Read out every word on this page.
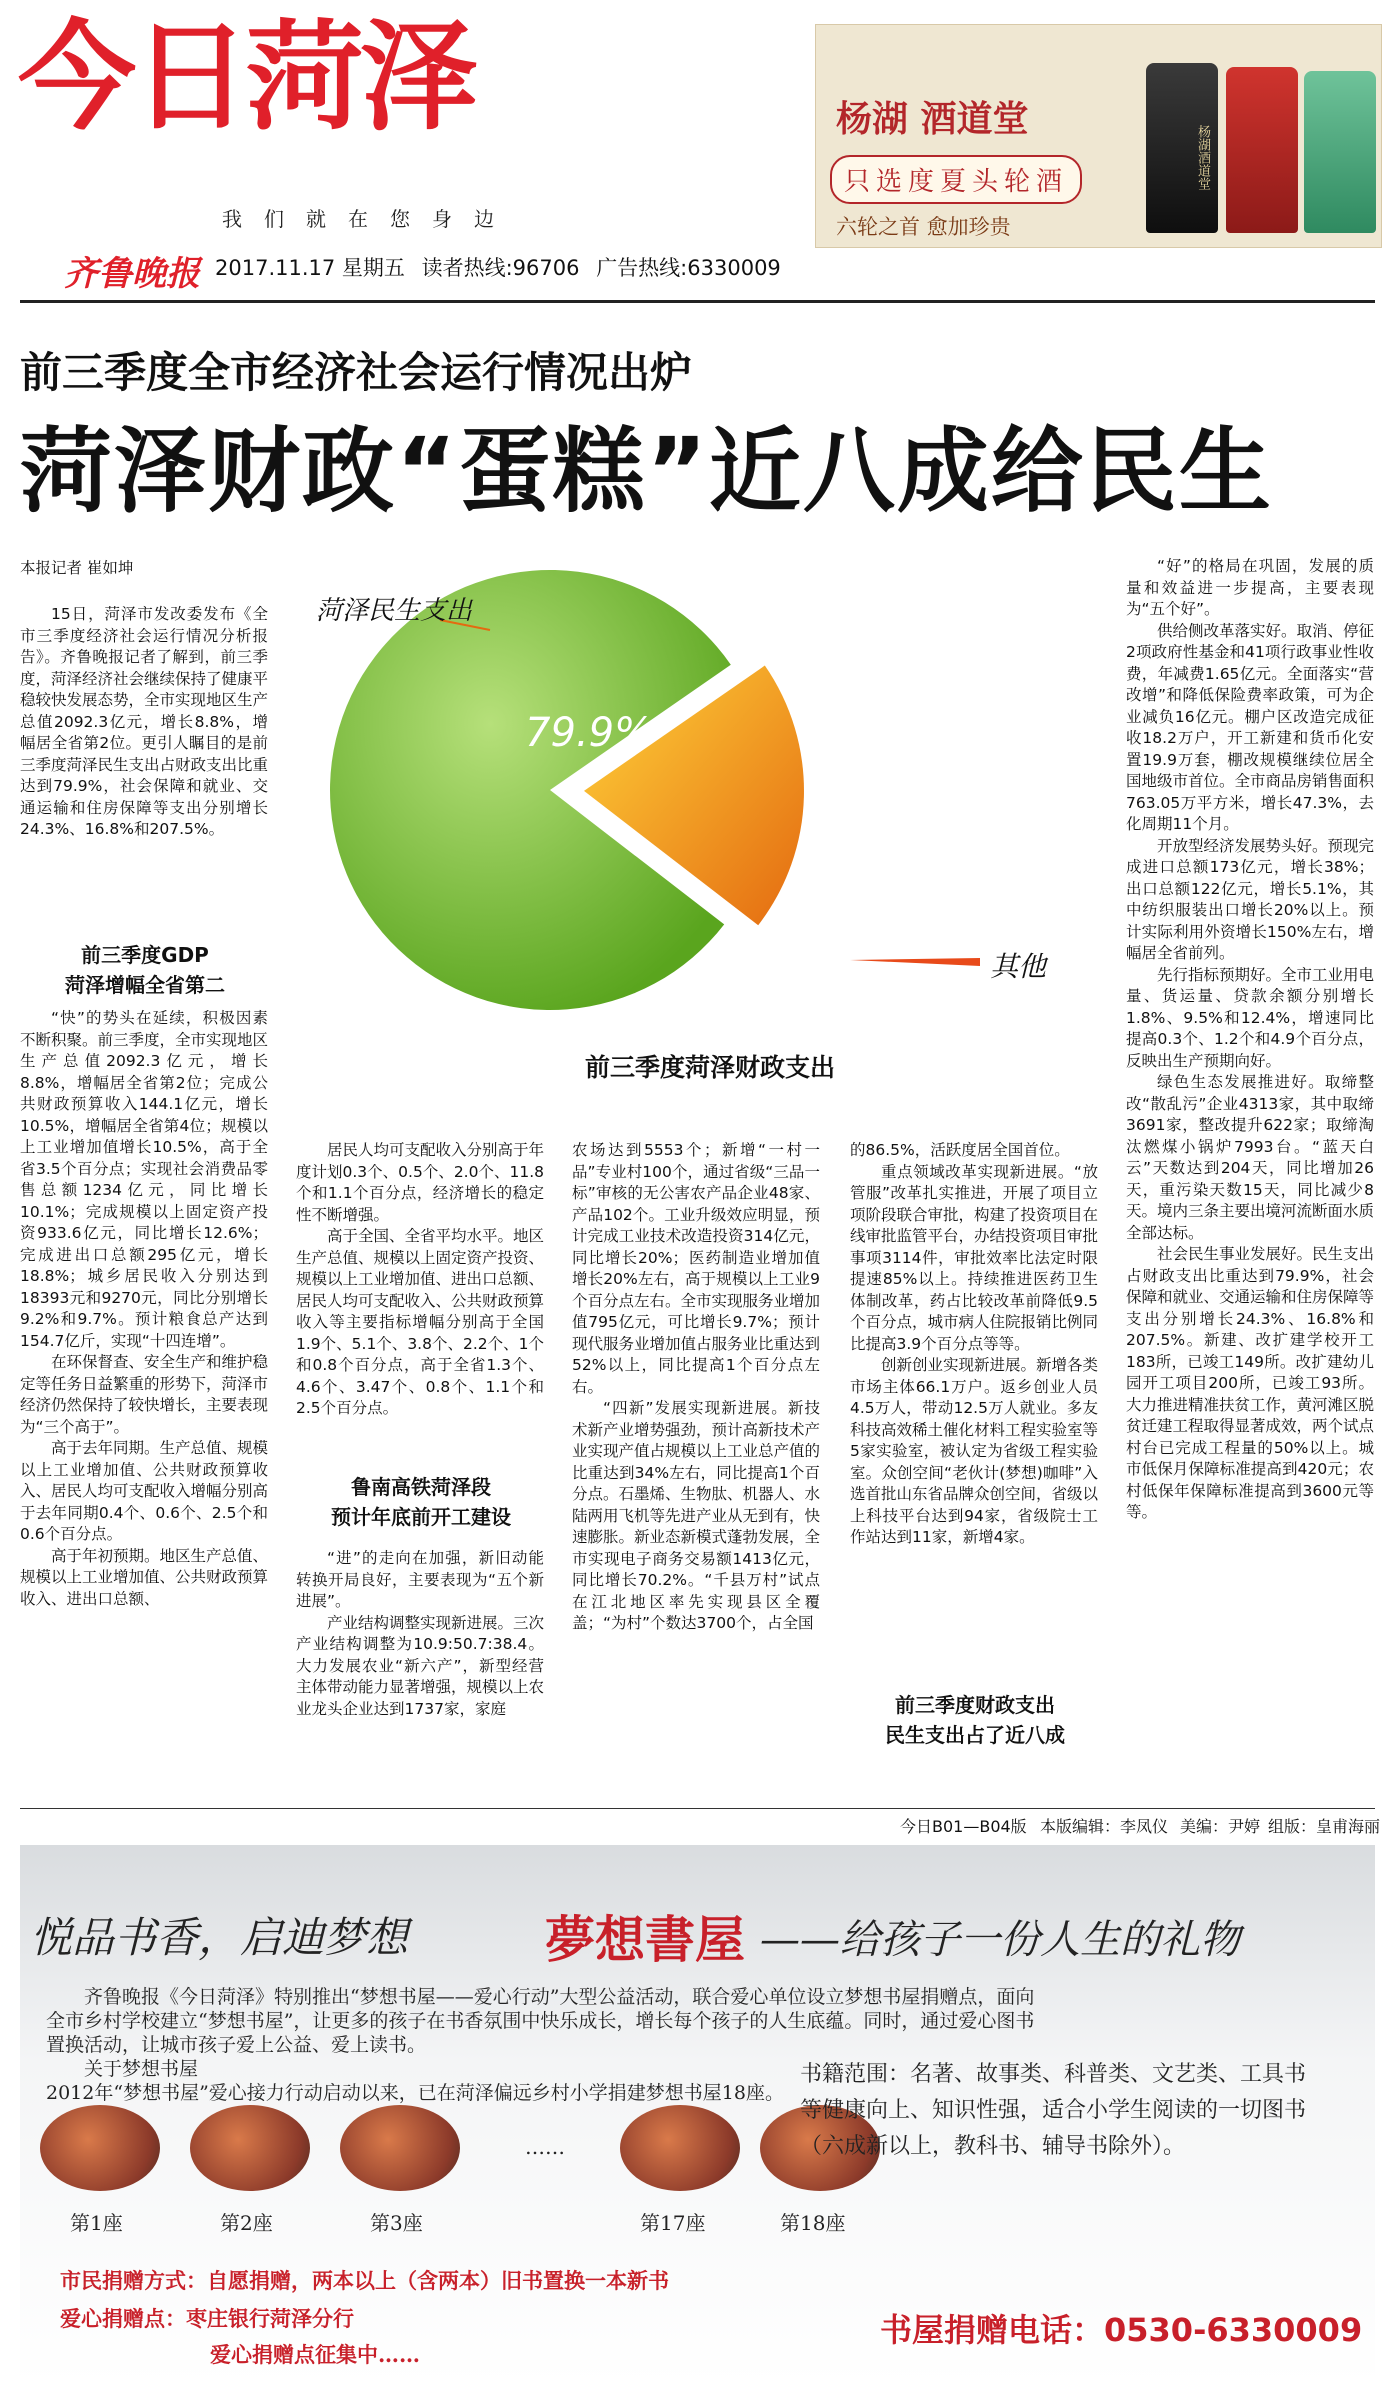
今日菏泽
我们就在您身边
齐鲁晚报 2017.11.17 星期五 读者热线:96706 广告热线:6330009
杨湖 酒道堂
只选度夏头轮酒
六轮之首 愈加珍贵
杨湖酒道堂
前三季度全市经济社会运行情况出炉
菏泽财政“蛋糕”近八成给民生
本报记者 崔如坤

15日，菏泽市发改委发布《全市三季度经济社会运行情况分析报告》。齐鲁晚报记者了解到，前三季度，菏泽经济社会继续保持了健康平稳较快发展态势，全市实现地区生产总值2092.3亿元，增长8.8%，增幅居全省第2位。更引人瞩目的是前三季度菏泽民生支出占财政支出比重达到79.9%，社会保障和就业、交通运输和住房保障等支出分别增长24.3%、16.8%和207.5%。

前三季度GDP
菏泽增幅全省第二

“快”的势头在延续，积极因素不断积聚。前三季度，全市实现地区生产总值2092.3亿元，增长8.8%，增幅居全省第2位；完成公共财政预算收入144.1亿元，增长10.5%，增幅居全省第4位；规模以上工业增加值增长10.5%，高于全省3.5个百分点；实现社会消费品零售总额1234亿元，同比增长10.1%；完成规模以上固定资产投资933.6亿元，同比增长12.6%；完成进出口总额295亿元，增长18.8%；城乡居民收入分别达到18393元和9270元，同比分别增长9.2%和9.7%。预计粮食总产达到154.7亿斤，实现“十四连增”。

在环保督查、安全生产和维护稳定等任务日益繁重的形势下，菏泽市经济仍然保持了较快增长，主要表现为“三个高于”。

高于去年同期。生产总值、规模以上工业增加值、公共财政预算收入、居民人均可支配收入增幅分别高于去年同期0.4个、0.6个、2.5个和0.6个百分点。

高于年初预期。地区生产总值、规模以上工业增加值、公共财政预算收入、进出口总额、

菏泽民生支出
其他
79.9%
前三季度菏泽财政支出

居民人均可支配收入分别高于年度计划0.3个、0.5个、2.0个、11.8个和1.1个百分点，经济增长的稳定性不断增强。

高于全国、全省平均水平。地区生产总值、规模以上固定资产投资、规模以上工业增加值、进出口总额、居民人均可支配收入、公共财政预算收入等主要指标增幅分别高于全国1.9个、5.1个、3.8个、2.2个、1个和0.8个百分点，高于全省1.3个、4.6个、3.47个、0.8个、1.1个和2.5个百分点。

鲁南高铁菏泽段
预计年底前开工建设

“进”的走向在加强，新旧动能转换开局良好，主要表现为“五个新进展”。

产业结构调整实现新进展。三次产业结构调整为10.9:50.7:38.4。大力发展农业“新六产”，新型经营主体带动能力显著增强，规模以上农业龙头企业达到1737家，家庭

农场达到5553个；新增“一村一品”专业村100个，通过省级“三品一标”审核的无公害农产品企业48家、产品102个。工业升级效应明显，预计完成工业技术改造投资314亿元，同比增长20%；医药制造业增加值增长20%左右，高于规模以上工业9个百分点左右。全市实现服务业增加值795亿元，可比增长9.7%；预计现代服务业增加值占服务业比重达到52%以上，同比提高1个百分点左右。

“四新”发展实现新进展。新技术新产业增势强劲，预计高新技术产业实现产值占规模以上工业总产值的比重达到34%左右，同比提高1个百分点。石墨烯、生物肽、机器人、水陆两用飞机等先进产业从无到有，快速膨胀。新业态新模式蓬勃发展，全市实现电子商务交易额1413亿元，同比增长70.2%。“千县万村”试点在江北地区率先实现县区全覆盖；“为村”个数达3700个，占全国

的86.5%，活跃度居全国首位。

重点领域改革实现新进展。“放管服”改革扎实推进，开展了项目立项阶段联合审批，构建了投资项目在线审批监管平台，办结投资项目审批事项3114件，审批效率比法定时限提速85%以上。持续推进医药卫生体制改革，药占比较改革前降低9.5个百分点，城市病人住院报销比例同比提高3.9个百分点等等。

创新创业实现新进展。新增各类市场主体66.1万户。返乡创业人员4.5万人，带动12.5万人就业。多友科技高效稀土催化材料工程实验室等5家实验室，被认定为省级工程实验室。众创空间“老伙计(梦想)咖啡”入选首批山东省品牌众创空间，省级以上科技平台达到94家，省级院士工作站达到11家，新增4家。

前三季度财政支出
民生支出占了近八成

“好”的格局在巩固，发展的质量和效益进一步提高，主要表现为“五个好”。

供给侧改革落实好。取消、停征2项政府性基金和41项行政事业性收费，年减费1.65亿元。全面落实“营改增”和降低保险费率政策，可为企业减负16亿元。棚户区改造完成征收18.2万户，开工新建和货币化安置19.9万套，棚改规模继续位居全国地级市首位。全市商品房销售面积763.05万平方米，增长47.3%，去化周期11个月。

开放型经济发展势头好。预现完成进口总额173亿元，增长38%；出口总额122亿元，增长5.1%，其中纺织服装出口增长20%以上。预计实际利用外资增长150%左右，增幅居全省前列。

先行指标预期好。全市工业用电量、货运量、贷款余额分别增长1.8%、9.5%和12.4%，增速同比提高0.3个、1.2个和4.9个百分点，反映出生产预期向好。

绿色生态发展推进好。取缔整改“散乱污”企业4313家，其中取缔3691家，整改提升622家；取缔淘汰燃煤小锅炉7993台。“蓝天白云”天数达到204天，同比增加26天，重污染天数15天，同比减少8天。境内三条主要出境河流断面水质全部达标。

社会民生事业发展好。民生支出占财政支出比重达到79.9%，社会保障和就业、交通运输和住房保障等支出分别增长24.3%、16.8%和207.5%。新建、改扩建学校开工183所，已竣工149所。改扩建幼儿园开工项目200所，已竣工93所。大力推进精准扶贫工作，黄河滩区脱贫迁建工程取得显著成效，两个试点村台已完成工程量的50%以上。城市低保月保障标准提高到420元；农村低保年保障标准提高到3600元等等。

今日B01—B04版 本版编辑：李凤仪 美编：尹婷 组版：皇甫海丽
悦品书香，启迪梦想	夢想書屋 ——给孩子一份人生的礼物
齐鲁晚报《今日菏泽》特别推出“梦想书屋——爱心行动”大型公益活动，联合爱心单位设立梦想书屋捐赠点，面向全市乡村学校建立“梦想书屋”，让更多的孩子在书香氛围中快乐成长，增长每个孩子的人生底蕴。同时，通过爱心图书置换活动，让城市孩子爱上公益、爱上读书。
关于梦想书屋
2012年“梦想书屋”爱心接力行动启动以来，已在菏泽偏远乡村小学捐建梦想书屋18座。
……
第1座	第2座	第3座	第17座	第18座
书籍范围：名著、故事类、科普类、文艺类、工具书等健康向上、知识性强，适合小学生阅读的一切图书（六成新以上，教科书、辅导书除外）。
市民捐赠方式：自愿捐赠，两本以上（含两本）旧书置换一本新书
爱心捐赠点：枣庄银行菏泽分行
爱心捐赠点征集中……
书屋捐赠电话：0530-6330009
